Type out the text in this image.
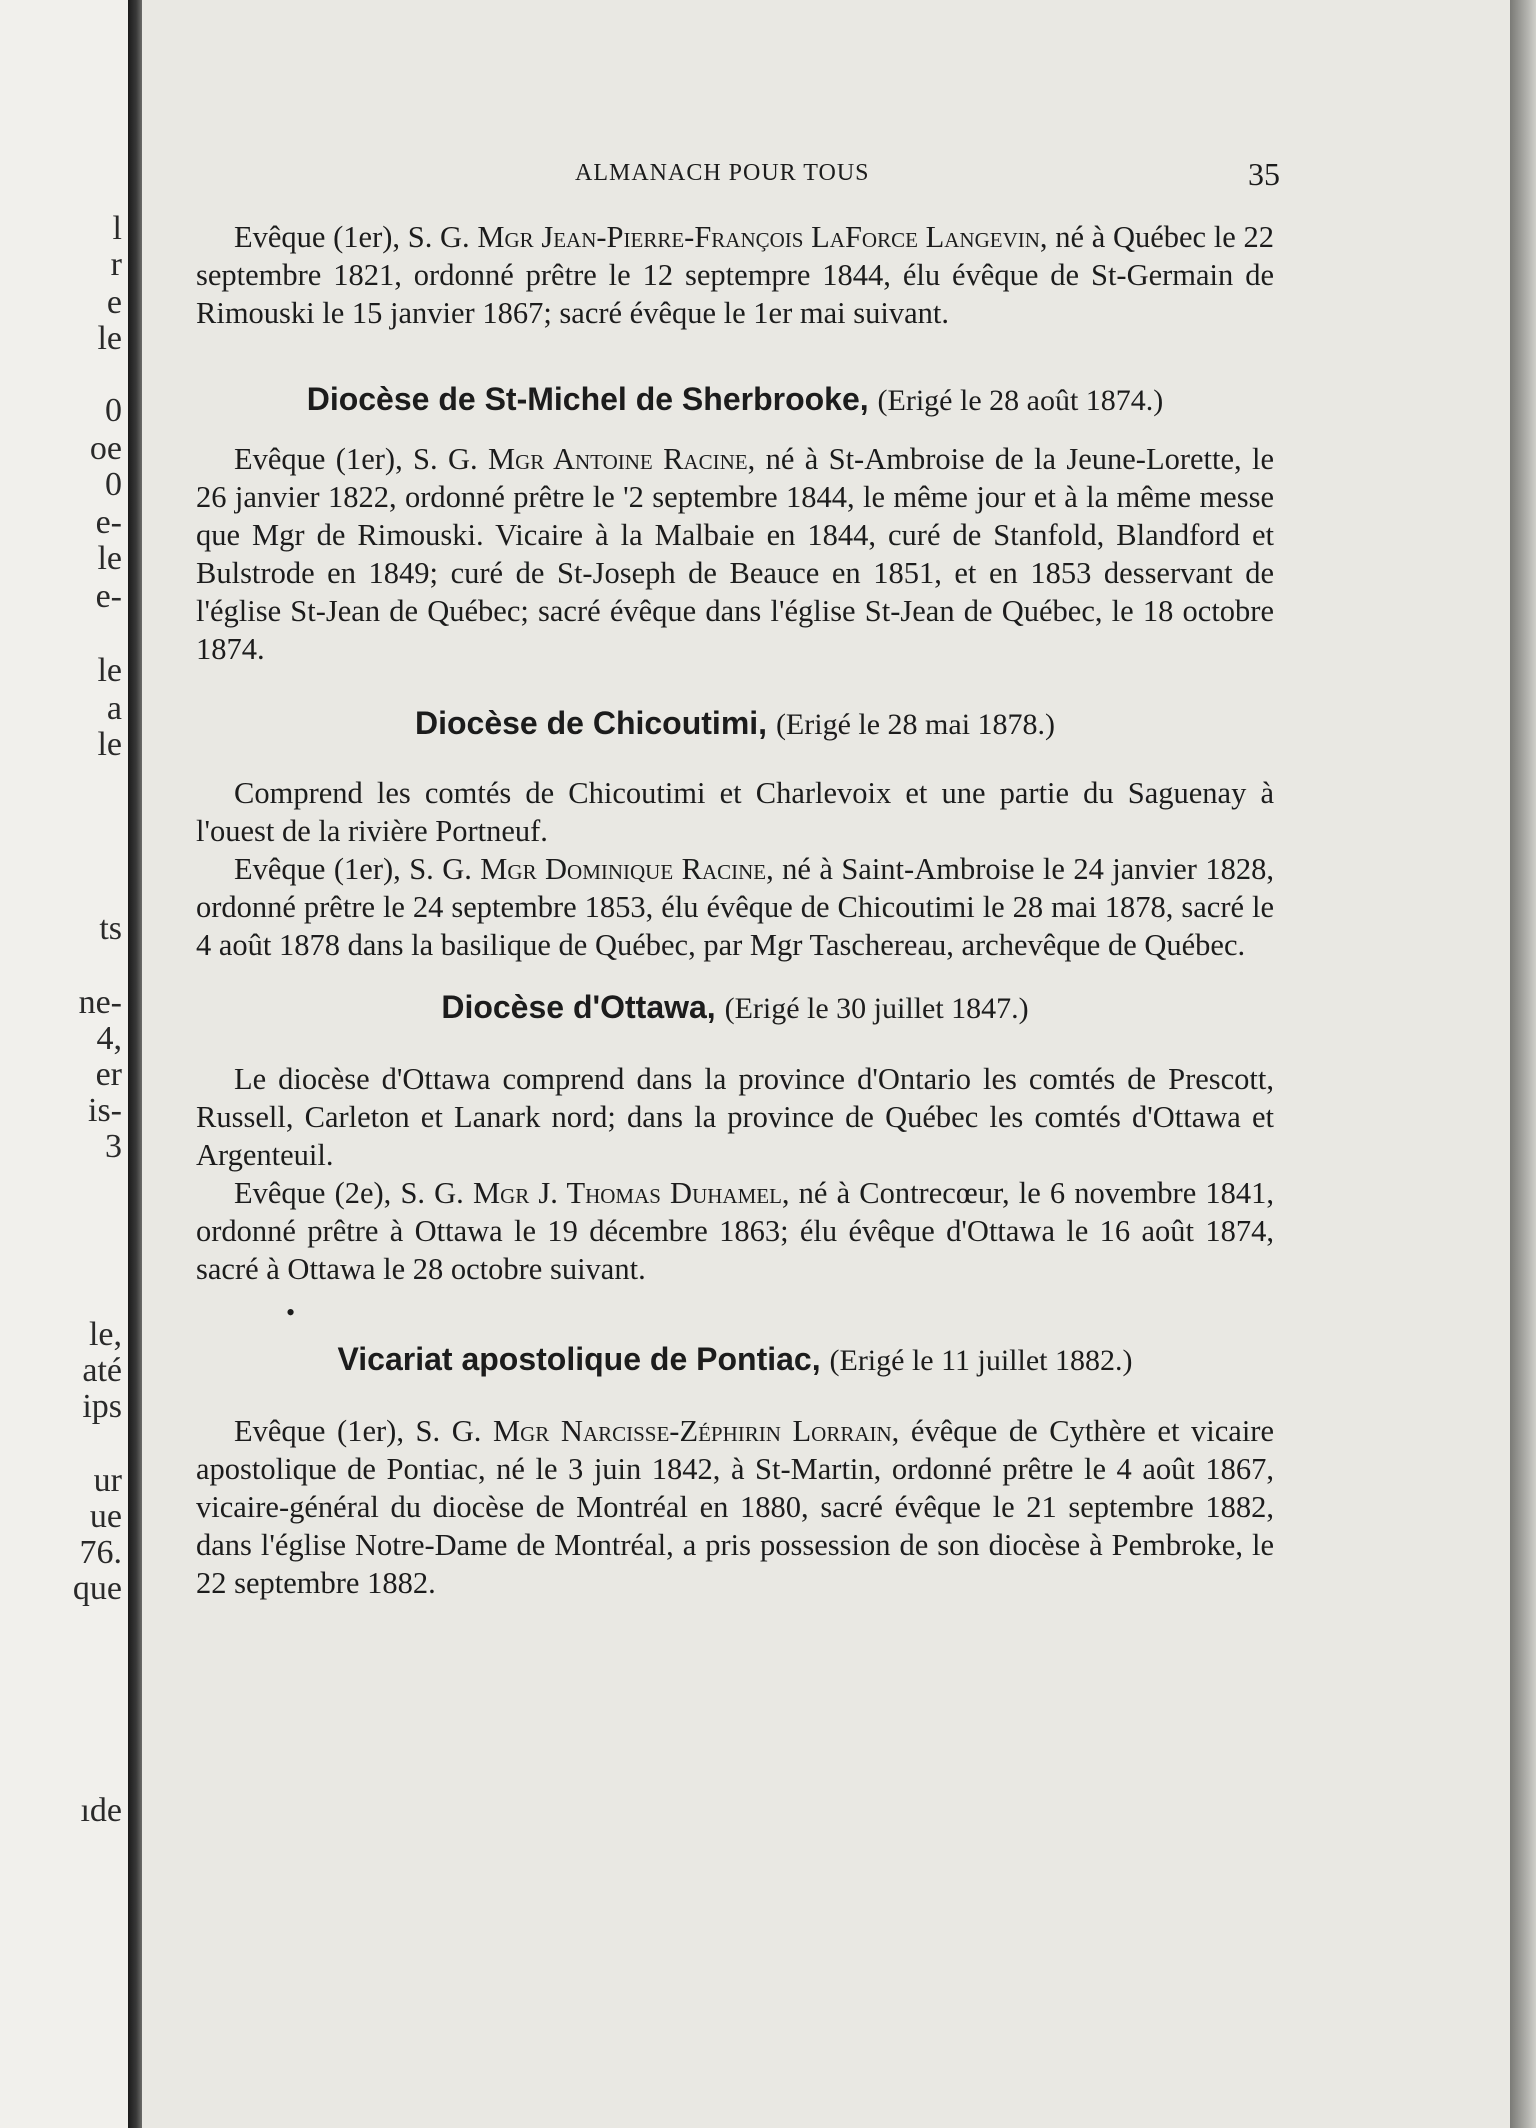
l
r
e
le
0
oe
0
e-
le
e-
le
a
le
ts
ne-
4,
er
is-
3
le,
até
ips
ur
ue
76.
que
ıde
ALMANACH POUR TOUS	35

Evêque (1er), S. G. Mgr Jean-Pierre-François LaForce Langevin, né à Québec le 22 septembre 1821, ordonné prêtre le 12 septempre 1844, élu évêque de St-Germain de Rimouski le 15 janvier 1867; sacré évêque le 1er mai suivant.

Diocèse de St-Michel de Sherbrooke, (Erigé le 28 août 1874.)

Evêque (1er), S. G. Mgr Antoine Racine, né à St-Ambroise de la Jeune-Lorette, le 26 janvier 1822, ordonné prêtre le '2 septembre 1844, le même jour et à la même messe que Mgr de Rimouski. Vicaire à la Malbaie en 1844, curé de Stanfold, Blandford et Bulstrode en 1849; curé de St-Joseph de Beauce en 1851, et en 1853 desservant de l'église St-Jean de Québec; sacré évêque dans l'église St-Jean de Québec, le 18 octobre 1874.

Diocèse de Chicoutimi, (Erigé le 28 mai 1878.)

Comprend les comtés de Chicoutimi et Charlevoix et une partie du Saguenay à l'ouest de la rivière Portneuf.

Evêque (1er), S. G. Mgr Dominique Racine, né à Saint-Ambroise le 24 janvier 1828, ordonné prêtre le 24 septembre 1853, élu évêque de Chicoutimi le 28 mai 1878, sacré le 4 août 1878 dans la basilique de Québec, par Mgr Taschereau, archevêque de Québec.

Diocèse d'Ottawa, (Erigé le 30 juillet 1847.)

Le diocèse d'Ottawa comprend dans la province d'Ontario les comtés de Prescott, Russell, Carleton et Lanark nord; dans la province de Québec les comtés d'Ottawa et Argenteuil.

Evêque (2e), S. G. Mgr J. Thomas Duhamel, né à Contrecœur, le 6 novembre 1841, ordonné prêtre à Ottawa le 19 décembre 1863; élu évêque d'Ottawa le 16 août 1874, sacré à Ottawa le 28 octobre suivant.

•

Vicariat apostolique de Pontiac, (Erigé le 11 juillet 1882.)

Evêque (1er), S. G. Mgr Narcisse-Zéphirin Lorrain, évêque de Cythère et vicaire apostolique de Pontiac, né le 3 juin 1842, à St-Martin, ordonné prêtre le 4 août 1867, vicaire-général du diocèse de Montréal en 1880, sacré évêque le 21 septembre 1882, dans l'église Notre-Dame de Montréal, a pris possession de son diocèse à Pembroke, le 22 septembre 1882.
